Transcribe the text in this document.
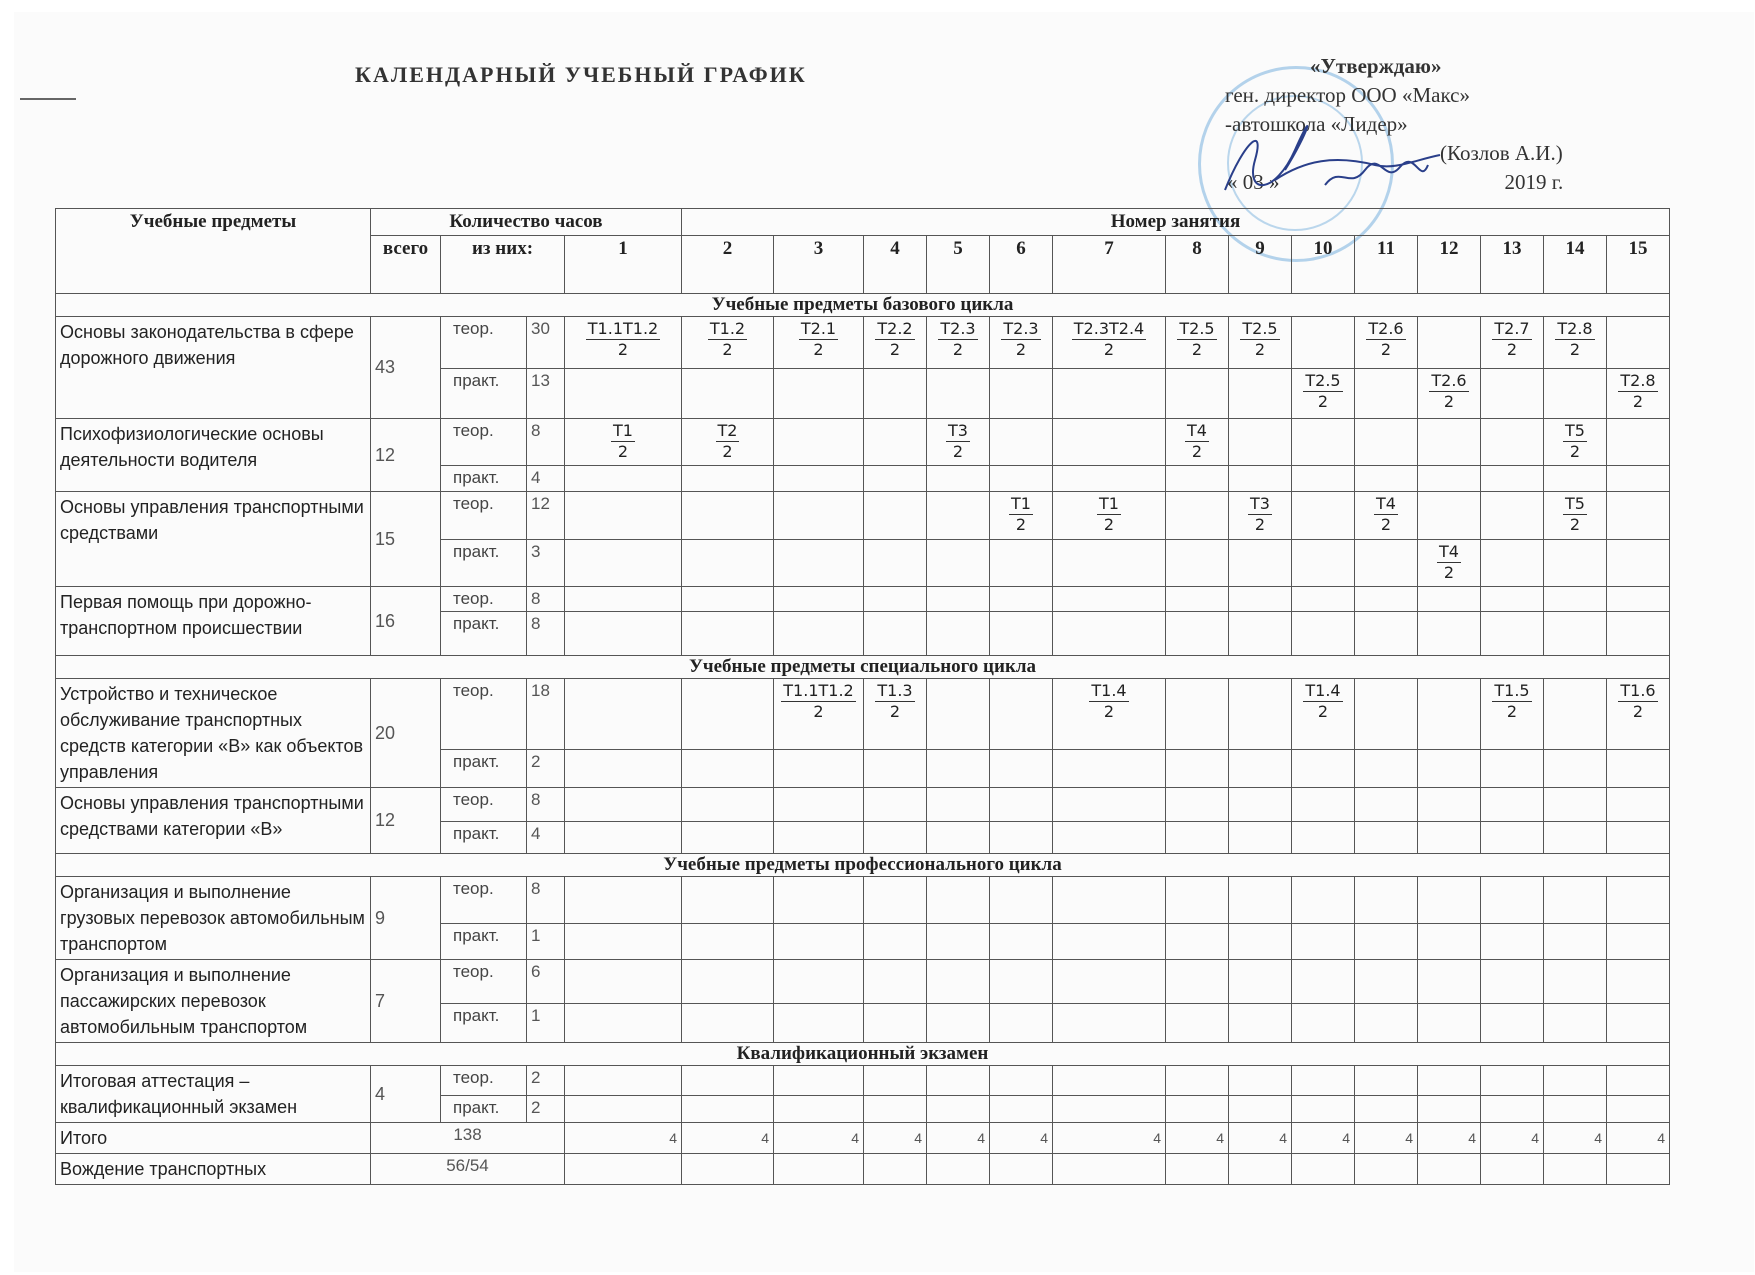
КАЛЕНДАРНЫЙ УЧЕБНЫЙ ГРАФИК	«Утверждаю»
ген. директор ООО «Макс»
-автошкола «Лидер»
(Козлов А.И.)
« 03 »	2019 г.
Учебные предметы	Количество часов				Номер занятия													
	всего	из них:		1	2	3	4	5	6	7	8	9	10	11	12	13	14	15
Учебные предметы базового цикла																		
Основы законодательства в сфере дорожного движения	43	теор.	30	$\frac{Т1.1Т1.2}{2}$	$\frac{Т1.2}{2}$	$\frac{Т2.1}{2}$	$\frac{Т2.2}{2}$	$\frac{Т2.3}{2}$	$\frac{Т2.3}{2}$	$\frac{Т2.3Т2.4}{2}$	$\frac{Т2.5}{2}$	$\frac{Т2.5}{2}$		$\frac{Т2.6}{2}$		$\frac{Т2.7}{2}$	$\frac{Т2.8}{2}$

		практ.	13										$\frac{Т2.5}{2}$		$\frac{Т2.6}{2}$			$\frac{Т2.8}{2}$

Психофизиологические основы деятельности водителя	12	теор.	8	$\frac{Т1}{2}$	$\frac{Т2}{2}$			$\frac{Т3}{2}$			$\frac{Т4}{2}$						$\frac{Т5}{2}$

		практ.	4															
Основы управления транспортными средствами	15	теор.	12						$\frac{Т1}{2}$	$\frac{Т1}{2}$		$\frac{Т3}{2}$		$\frac{Т4}{2}$			$\frac{Т5}{2}$

		практ.	3												$\frac{Т4}{2}$

Первая помощь при дорожно-транспортном происшествии	16	теор.	8															
		практ.	8															
Учебные предметы специального цикла																		
Устройство и техническое обслуживание транспортных средств категории «В» как объектов управления	20	теор.	18			$\frac{Т1.1Т1.2}{2}$	$\frac{Т1.3}{2}$			$\frac{Т1.4}{2}$			$\frac{Т1.4}{2}$			$\frac{Т1.5}{2}$		$\frac{Т1.6}{2}$

		практ.	2															
Основы управления транспортными средствами категории «В»	12	теор.	8															
		практ.	4															
Учебные предметы профессионального цикла																		
Организация и выполнение грузовых перевозок автомобильным транспортом	9	теор.	8															
		практ.	1															
Организация и выполнение пассажирских перевозок автомобильным транспортом	7	теор.	6															
		практ.	1															
Квалификационный экзамен																		
Итоговая аттестация – квалификационный экзамен	4	теор.	2															
		практ.	2															
Итого	138			4	4	4	4	4	4	4	4	4	4	4	4	4	4	4
Вождение транспортных	56/54																	
